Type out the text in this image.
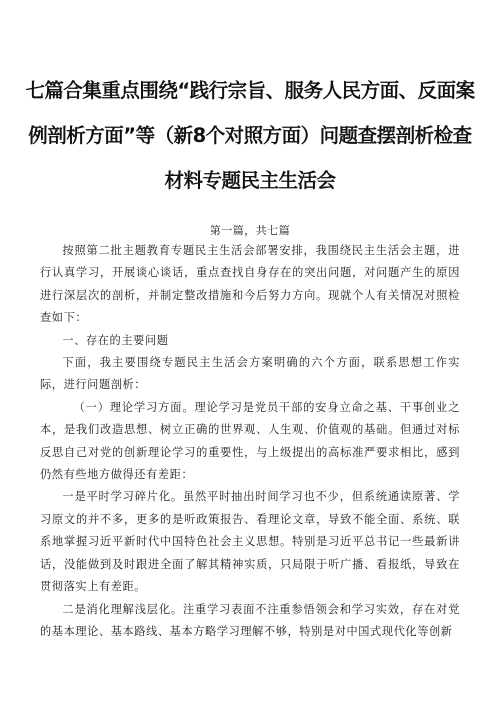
七篇合集重点围绕“践行宗旨、服务人民方面、反面案
例剖析方面”等（新8个对照方面）问题查摆剖析检查
材料专题民主生活会
第一篇，共七篇

按照第二批主题教育专题民主生活会部署安排，我围绕民主生活会主题，进行认真学习，开展谈心谈话，重点查找自身存在的突出问题，对问题产生的原因进行深层次的剖析，并制定整改措施和今后努力方向。现就个人有关情况对照检查如下：

一、存在的主要问题

下面，我主要围绕专题民主生活会方案明确的六个方面，联系思想工作实际，进行问题剖析：

（一）理论学习方面。理论学习是党员干部的安身立命之基、干事创业之本，是我们改造思想、树立正确的世界观、人生观、价值观的基础。但通过对标反思自己对党的创新理论学习的重要性，与上级提出的高标准严要求相比，感到仍然有些地方做得还有差距：

一是平时学习碎片化。虽然平时抽出时间学习也不少，但系统通读原著、学习原文的并不多，更多的是听政策报告、看理论文章，导致不能全面、系统、联系地掌握习近平新时代中国特色社会主义思想。特别是习近平总书记一些最新讲话，没能做到及时跟进全面了解其精神实质，只局限于听广播、看报纸，导致在贯彻落实上有差距。

二是消化理解浅层化。注重学习表面不注重参悟领会和学习实效，存在对党的基本理论、基本路线、基本方略学习理解不够，特别是对中国式现代化等创新
